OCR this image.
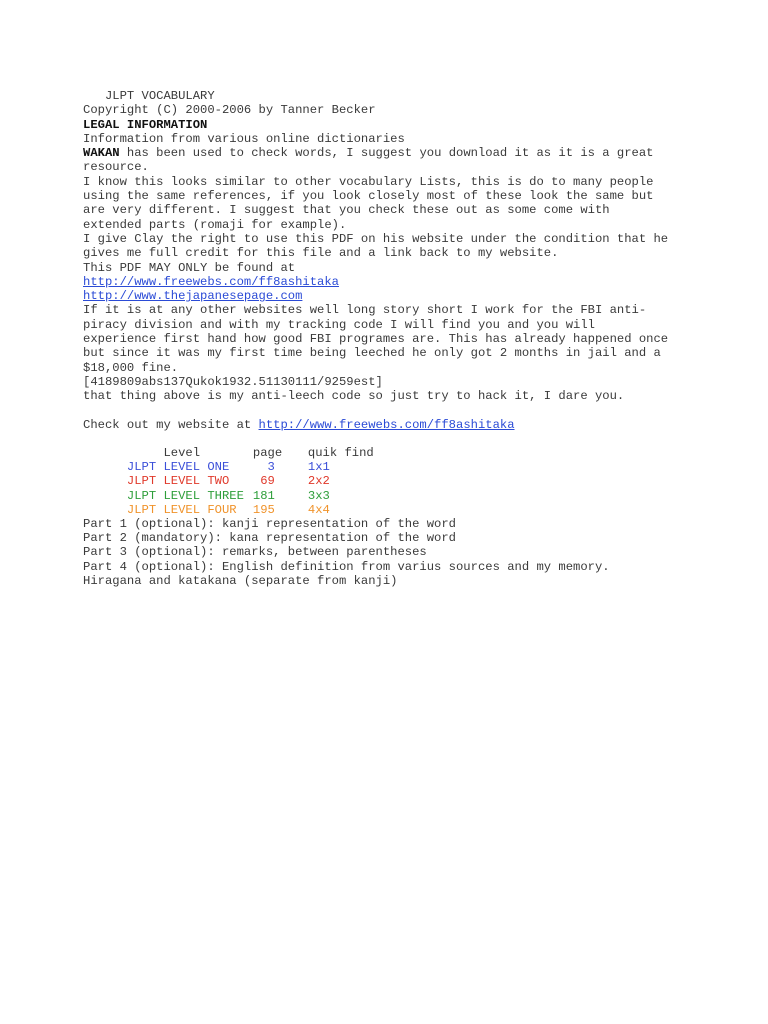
JLPT VOCABULARY
Copyright (C) 2000-2006 by Tanner Becker
LEGAL INFORMATION
Information from various online dictionaries
WAKAN has been used to check words, I suggest you download it as it is a great
resource.
I know this looks similar to other vocabulary Lists, this is do to many people
using the same references, if you look closely most of these look the same but
are very different. I suggest that you check these out as some come with
extended parts (romaji for example).
I give Clay the right to use this PDF on his website under the condition that he
gives me full credit for this file and a link back to my website.
This PDF MAY ONLY be found at
http://www.freewebs.com/ff8ashitaka
http://www.thejapanesepage.com
If it is at any other websites well long story short I work for the FBI anti-
piracy division and with my tracking code I will find you and you will
experience first hand how good FBI programes are. This has already happened once
but since it was my first time being leeched he only got 2 months in jail and a
$18,000 fine.
[4189809abs137Qukok1932.51130111/9259est]
that thing above is my anti-leech code so just try to hack it, I dare you.
Check out my website at http://www.freewebs.com/ff8ashitaka

Level	page quik find

JLPT LEVEL ONE  3	1x1

JLPT LEVEL TWO 69	2x2

JLPT LEVEL THREE 181	3x3

JLPT LEVEL FOUR 195	4x4

Part 1 (optional): kanji representation of the word
Part 2 (mandatory): kana representation of the word
Part 3 (optional): remarks, between parentheses
Part 4 (optional): English definition from varius sources and my memory.
Hiragana and katakana (separate from kanji)
